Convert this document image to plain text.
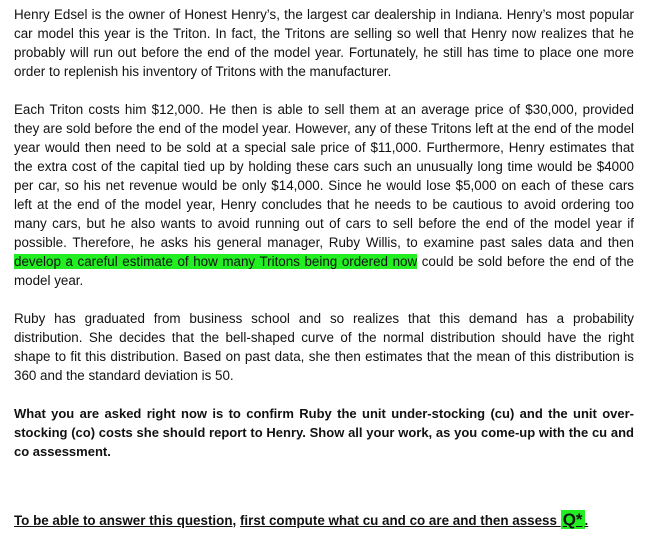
Henry Edsel is the owner of Honest Henry’s, the largest car dealership in Indiana. Henry’s most popular car model this year is the Triton. In fact, the Tritons are selling so well that Henry now realizes that he probably will run out before the end of the model year. Fortunately, he still has time to place one more order to replenish his inventory of Tritons with the manufacturer.

Each Triton costs him $12,000. He then is able to sell them at an average price of $30,000, provided they are sold before the end of the model year. However, any of these Tritons left at the end of the model year would then need to be sold at a special sale price of $11,000. Furthermore, Henry estimates that the extra cost of the capital tied up by holding these cars such an unusually long time would be $4000 per car, so his net revenue would be only $14,000. Since he would lose $5,000 on each of these cars left at the end of the model year, Henry concludes that he needs to be cautious to avoid ordering too many cars, but he also wants to avoid running out of cars to sell before the end of the model year if possible. Therefore, he asks his general manager, Ruby Willis, to examine past sales data and then develop a careful estimate of how many Tritons being ordered now could be sold before the end of the model year.

Ruby has graduated from business school and so realizes that this demand has a probability distribution. She decides that the bell-shaped curve of the normal distribution should have the right shape to fit this distribution. Based on past data, she then estimates that the mean of this distribution is 360 and the standard deviation is 50.

What you are asked right now is to confirm Ruby the unit under-stocking (cu) and the unit over-stocking (co) costs she should report to Henry. Show all your work, as you come-up with the cu and co assessment.

To be able to answer this question, first compute what cu and co are and then assess Q* .
